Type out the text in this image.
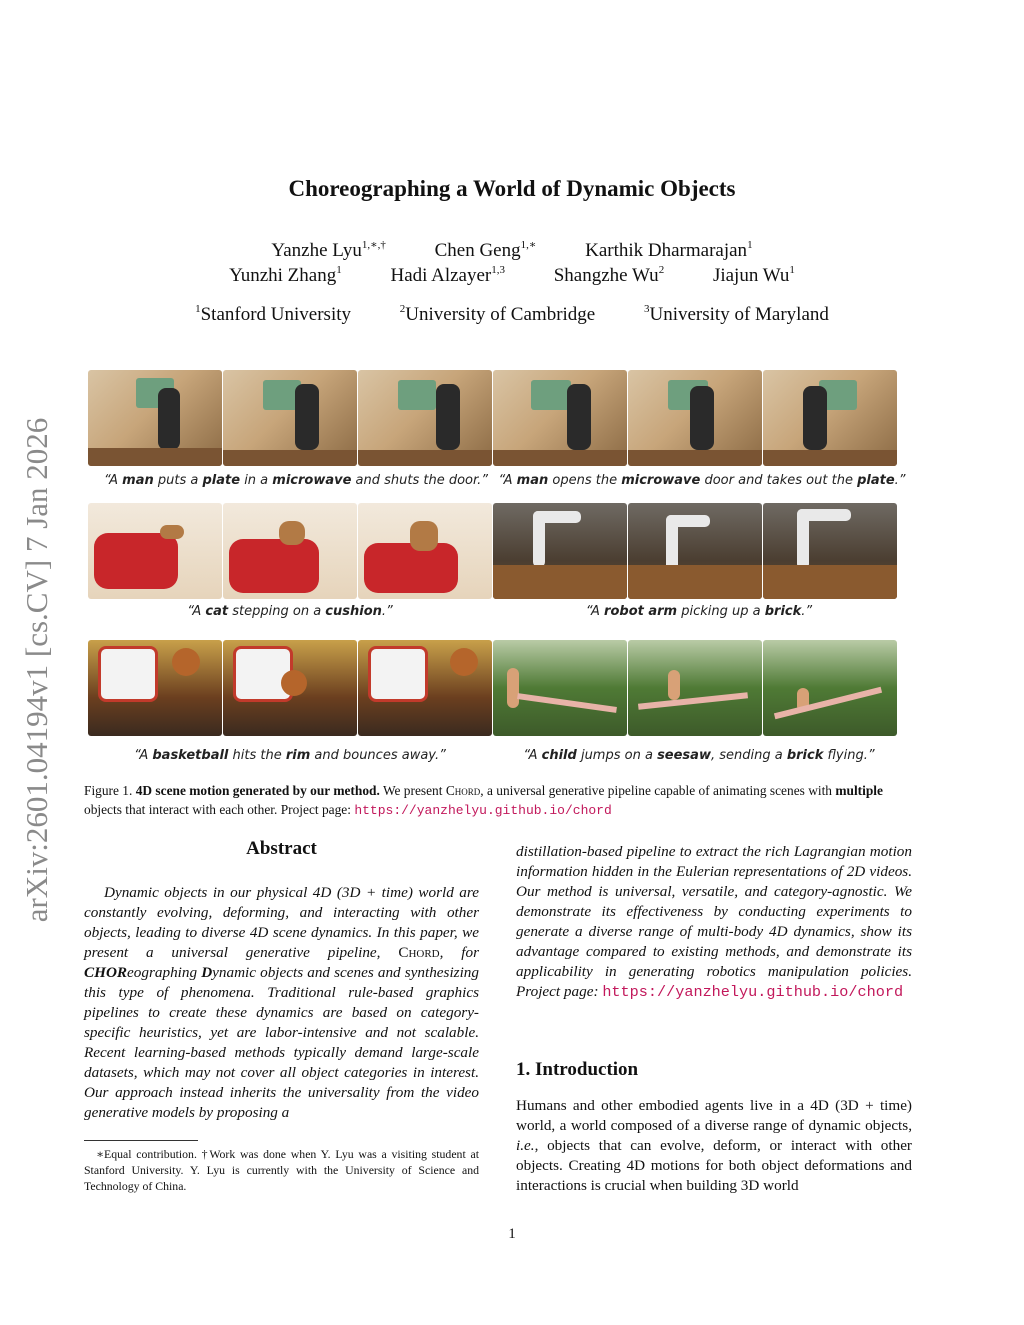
arXiv:2601.04194v1 [cs.CV] 7 Jan 2026
Choreographing a World of Dynamic Objects
Yanzhe Lyu$^{1,∗,\dagger}$	Chen Geng$^{1,∗}$	Karthik Dharmarajan$^1$
Yunzhi Zhang$^1$	Hadi Alzayer$^{1,3}$	Shangzhe Wu$^2$	Jiajun Wu$^1$
$^1$Stanford University	$^2$University of Cambridge	$^3$University of Maryland
“A man puts a plate in a microwave and shuts the door.” “A man opens the microwave door and takes out the plate.”
“A cat stepping on a cushion.”	“A robot arm picking up a brick.”
“A basketball hits the rim and bounces away.”	“A child jumps on a seesaw, sending a brick flying.”
Figure 1. 4D scene motion generated by our method. We present Chord, a universal generative pipeline capable of animating scenes with multiple objects that interact with each other. Project page: https://yanzhelyu.github.io/chord
Abstract
Dynamic objects in our physical 4D (3D + time) world are constantly evolving, deforming, and interacting with other objects, leading to diverse 4D scene dynamics. In this paper, we present a universal generative pipeline, Chord, for CHOReographing Dynamic objects and scenes and synthesizing this type of phenomena. Traditional rule-based graphics pipelines to create these dynamics are based on category-specific heuristics, yet are labor-intensive and not scalable. Recent learning-based methods typically demand large-scale datasets, which may not cover all object categories in interest. Our approach instead inherits the universality from the video generative models by proposing a
∗Equal contribution. †Work was done when Y. Lyu was a visiting student at Stanford University. Y. Lyu is currently with the University of Science and Technology of China.
distillation-based pipeline to extract the rich Lagrangian motion information hidden in the Eulerian representations of 2D videos. Our method is universal, versatile, and category-agnostic. We demonstrate its effectiveness by conducting experiments to generate a diverse range of multi-body 4D dynamics, show its advantage compared to existing methods, and demonstrate its applicability in generating robotics manipulation policies. Project page: https://yanzhelyu.github.io/chord
1. Introduction
Humans and other embodied agents live in a 4D (3D + time) world, a world composed of a diverse range of dynamic objects, i.e., objects that can evolve, deform, or interact with other objects. Creating 4D motions for both object deformations and interactions is crucial when building 3D world
1
